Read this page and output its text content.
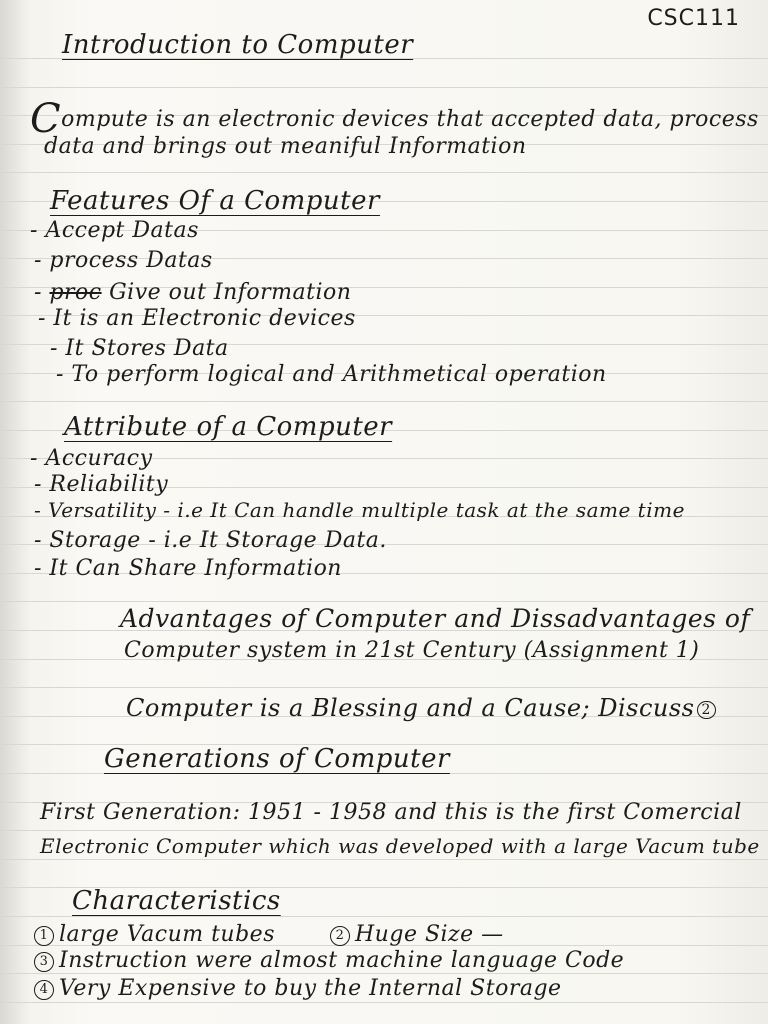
CSC111
Introduction to Computer
Compute is an electronic devices that accepted data, process
data and brings out meaniful Information
Features Of a Computer
- Accept Datas
- process Datas
- proc Give out Information
- It is an Electronic devices
- It Stores Data
- To perform logical and Arithmetical operation
Attribute of a Computer
- Accuracy
- Reliability
- Versatility - i.e It Can handle multiple task at the same time
- Storage - i.e It Storage Data.
- It Can Share Information
Advantages of Computer and Dissadvantages of
Computer system in 21st Century (Assignment 1)
Computer is a Blessing and a Cause; Discuss 2
Generations of Computer
First Generation: 1951 - 1958 and this is the first Comercial
Electronic Computer which was developed with a large Vacum tube
Characteristics
1 large Vacum tubes	2 Huge Size —
3 Instruction were almost machine language Code
4 Very Expensive to buy the Internal Storage
